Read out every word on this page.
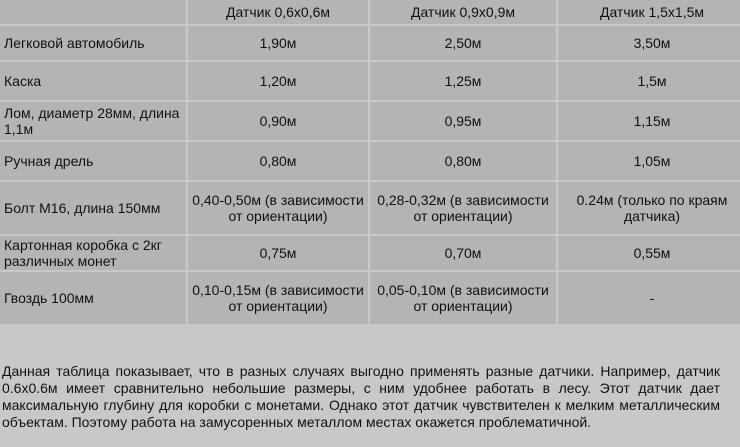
	Датчик 0,6х0,6м	Датчик 0,9х0,9м	Датчик 1,5х1,5м
Легковой автомобиль	1,90м	2,50м	3,50м
Каска	1,20м	1,25м	1,5м
Лом, диаметр 28мм, длина 1,1м	0,90м	0,95м	1,15м
Ручная дрель	0,80м	0,80м	1,05м
Болт М16, длина 150мм	0,40-0,50м (в зависимости от ориентации)	0,28-0,32м (в зависимости от ориентации)	0.24м (только по краям датчика)
Картонная коробка с 2кг различных монет	0,75м	0,70м	0,55м
Гвоздь 100мм	0,10-0,15м (в зависимости от ориентации)	0,05-0,10м (в зависимости от ориентации)	-
Данная таблица показывает, что в разных случаях выгодно применять разные датчики. Например, датчик 0.6х0.6м имеет сравнительно небольшие размеры, с ним удобнее работать в лесу. Этот датчик дает максимальную глубину для коробки с монетами. Однако этот датчик чувствителен к мелким металлическим объектам. Поэтому работа на замусоренных металлом местах окажется проблематичной.
